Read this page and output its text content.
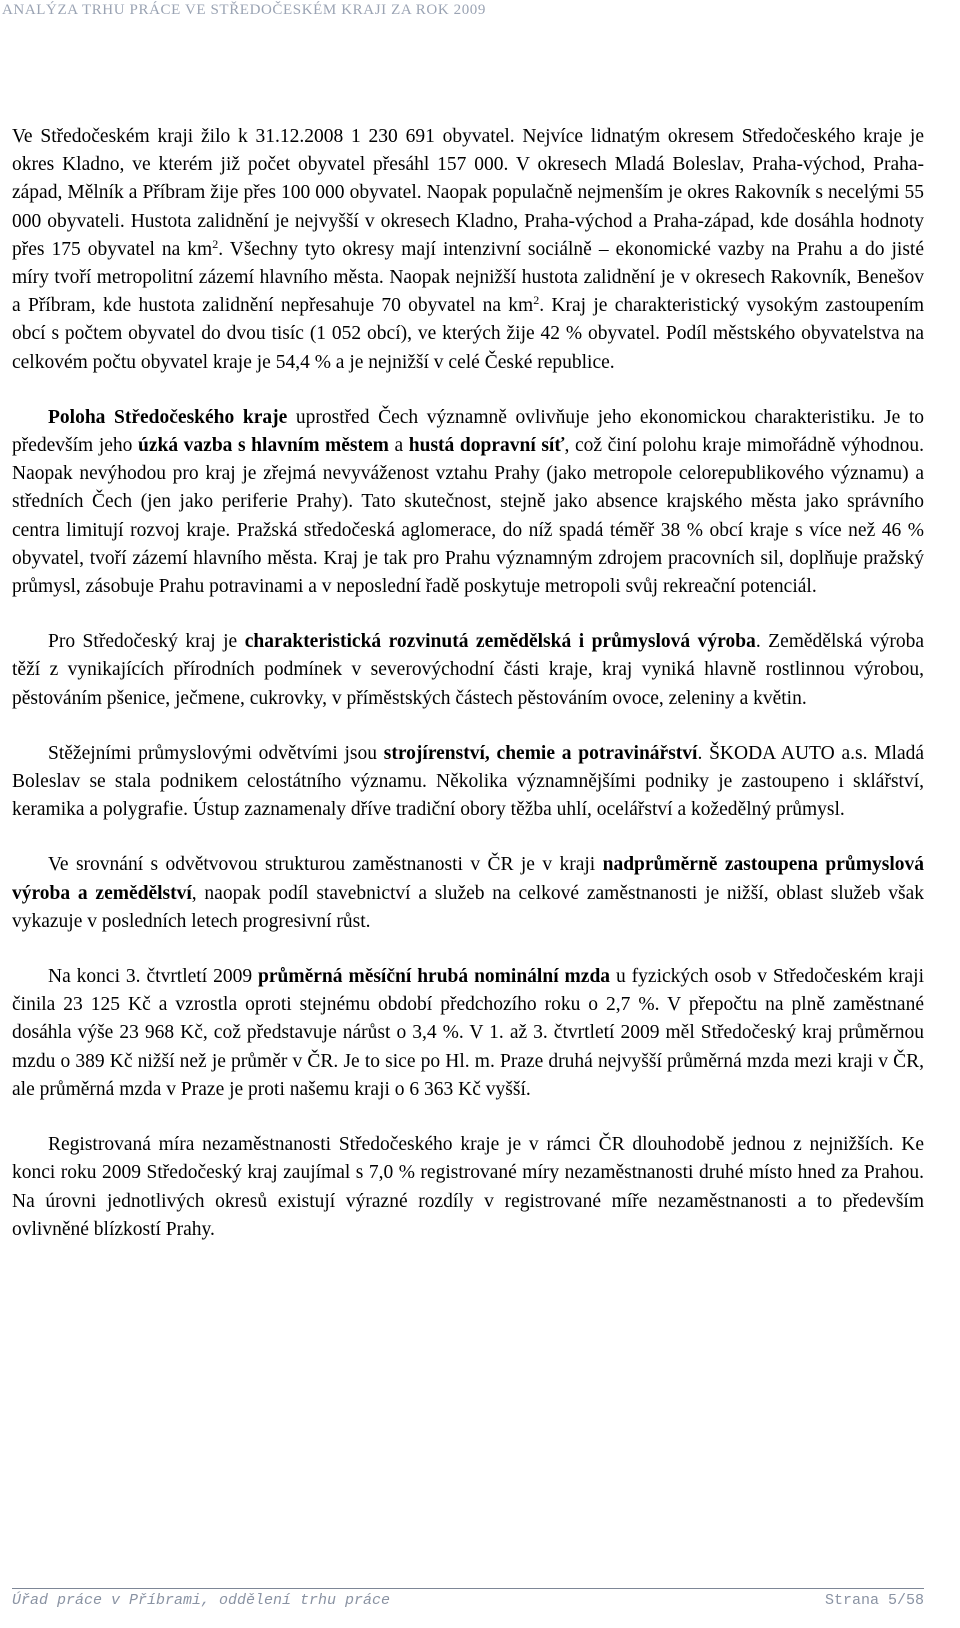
ANALÝZA TRHU PRÁCE VE STŘEDOČESKÉM KRAJI ZA ROK 2009

Ve Středočeském kraji žilo k 31.12.2008 1 230 691 obyvatel. Nejvíce lidnatým okresem Středočeského kraje je okres Kladno, ve kterém již počet obyvatel přesáhl 157 000. V okresech Mladá Boleslav, Praha-východ, Praha-západ, Mělník a Příbram žije přes 100 000 obyvatel. Naopak populačně nejmenším je okres Rakovník s necelými 55 000 obyvateli. Hustota zalidnění je nejvyšší v okresech Kladno, Praha-východ a Praha-západ, kde dosáhla hodnoty přes 175 obyvatel na $km^2$. Všechny tyto okresy mají intenzivní sociálně – ekonomické vazby na Prahu a do jisté míry tvoří metropolitní zázemí hlavního města. Naopak nejnižší hustota zalidnění je v okresech Rakovník, Benešov a Příbram, kde hustota zalidnění nepřesahuje 70 obyvatel na $km^2$. Kraj je charakteristický vysokým zastoupením obcí s počtem obyvatel do dvou tisíc (1 052 obcí), ve kterých žije 42 % obyvatel. Podíl městského obyvatelstva na celkovém počtu obyvatel kraje je 54,4 % a je nejnižší v celé České republice.

Poloha Středočeského kraje uprostřed Čech významně ovlivňuje jeho ekonomickou charakteristiku. Je to především jeho úzká vazba s hlavním městem a hustá dopravní síť, což činí polohu kraje mimořádně výhodnou. Naopak nevýhodou pro kraj je zřejmá nevyváženost vztahu Prahy (jako metropole celorepublikového významu) a středních Čech (jen jako periferie Prahy). Tato skutečnost, stejně jako absence krajského města jako správního centra limitují rozvoj kraje. Pražská středočeská aglomerace, do níž spadá téměř 38 % obcí kraje s více než 46 % obyvatel, tvoří zázemí hlavního města. Kraj je tak pro Prahu významným zdrojem pracovních sil, doplňuje pražský průmysl, zásobuje Prahu potravinami a v neposlední řadě poskytuje metropoli svůj rekreační potenciál.

Pro Středočeský kraj je charakteristická rozvinutá zemědělská i průmyslová výroba. Zemědělská výroba těží z vynikajících přírodních podmínek v severovýchodní části kraje, kraj vyniká hlavně rostlinnou výrobou, pěstováním pšenice, ječmene, cukrovky, v příměstských částech pěstováním ovoce, zeleniny a květin.

Stěžejními průmyslovými odvětvími jsou strojírenství, chemie a potravinářství. ŠKODA AUTO a.s. Mladá Boleslav se stala podnikem celostátního významu. Několika významnějšími podniky je zastoupeno i sklářství, keramika a polygrafie. Ústup zaznamenaly dříve tradiční obory těžba uhlí, ocelářství a kožedělný průmysl.

Ve srovnání s odvětvovou strukturou zaměstnanosti v ČR je v kraji nadprůměrně zastoupena průmyslová výroba a zemědělství, naopak podíl stavebnictví a služeb na celkové zaměstnanosti je nižší, oblast služeb však vykazuje v posledních letech progresivní růst.

Na konci 3. čtvrtletí 2009 průměrná měsíční hrubá nominální mzda u fyzických osob v Středočeském kraji činila 23 125 Kč a vzrostla oproti stejnému období předchozího roku o 2,7 %. V přepočtu na plně zaměstnané dosáhla výše 23 968 Kč, což představuje nárůst o 3,4 %. V 1. až 3. čtvrtletí 2009 měl Středočeský kraj průměrnou mzdu o 389 Kč nižší než je průměr v ČR. Je to sice po Hl. m. Praze druhá nejvyšší průměrná mzda mezi kraji v ČR, ale průměrná mzda v Praze je proti našemu kraji o 6 363 Kč vyšší.

Registrovaná míra nezaměstnanosti Středočeského kraje je v rámci ČR dlouhodobě jednou z nejnižších. Ke konci roku 2009 Středočeský kraj zaujímal s 7,0 % registrované míry nezaměstnanosti druhé místo hned za Prahou. Na úrovni jednotlivých okresů existují výrazné rozdíly v registrované míře nezaměstnanosti a to především ovlivněné blízkostí Prahy.

Úřad práce v Příbrami, oddělení trhu práce	Strana 5/58
